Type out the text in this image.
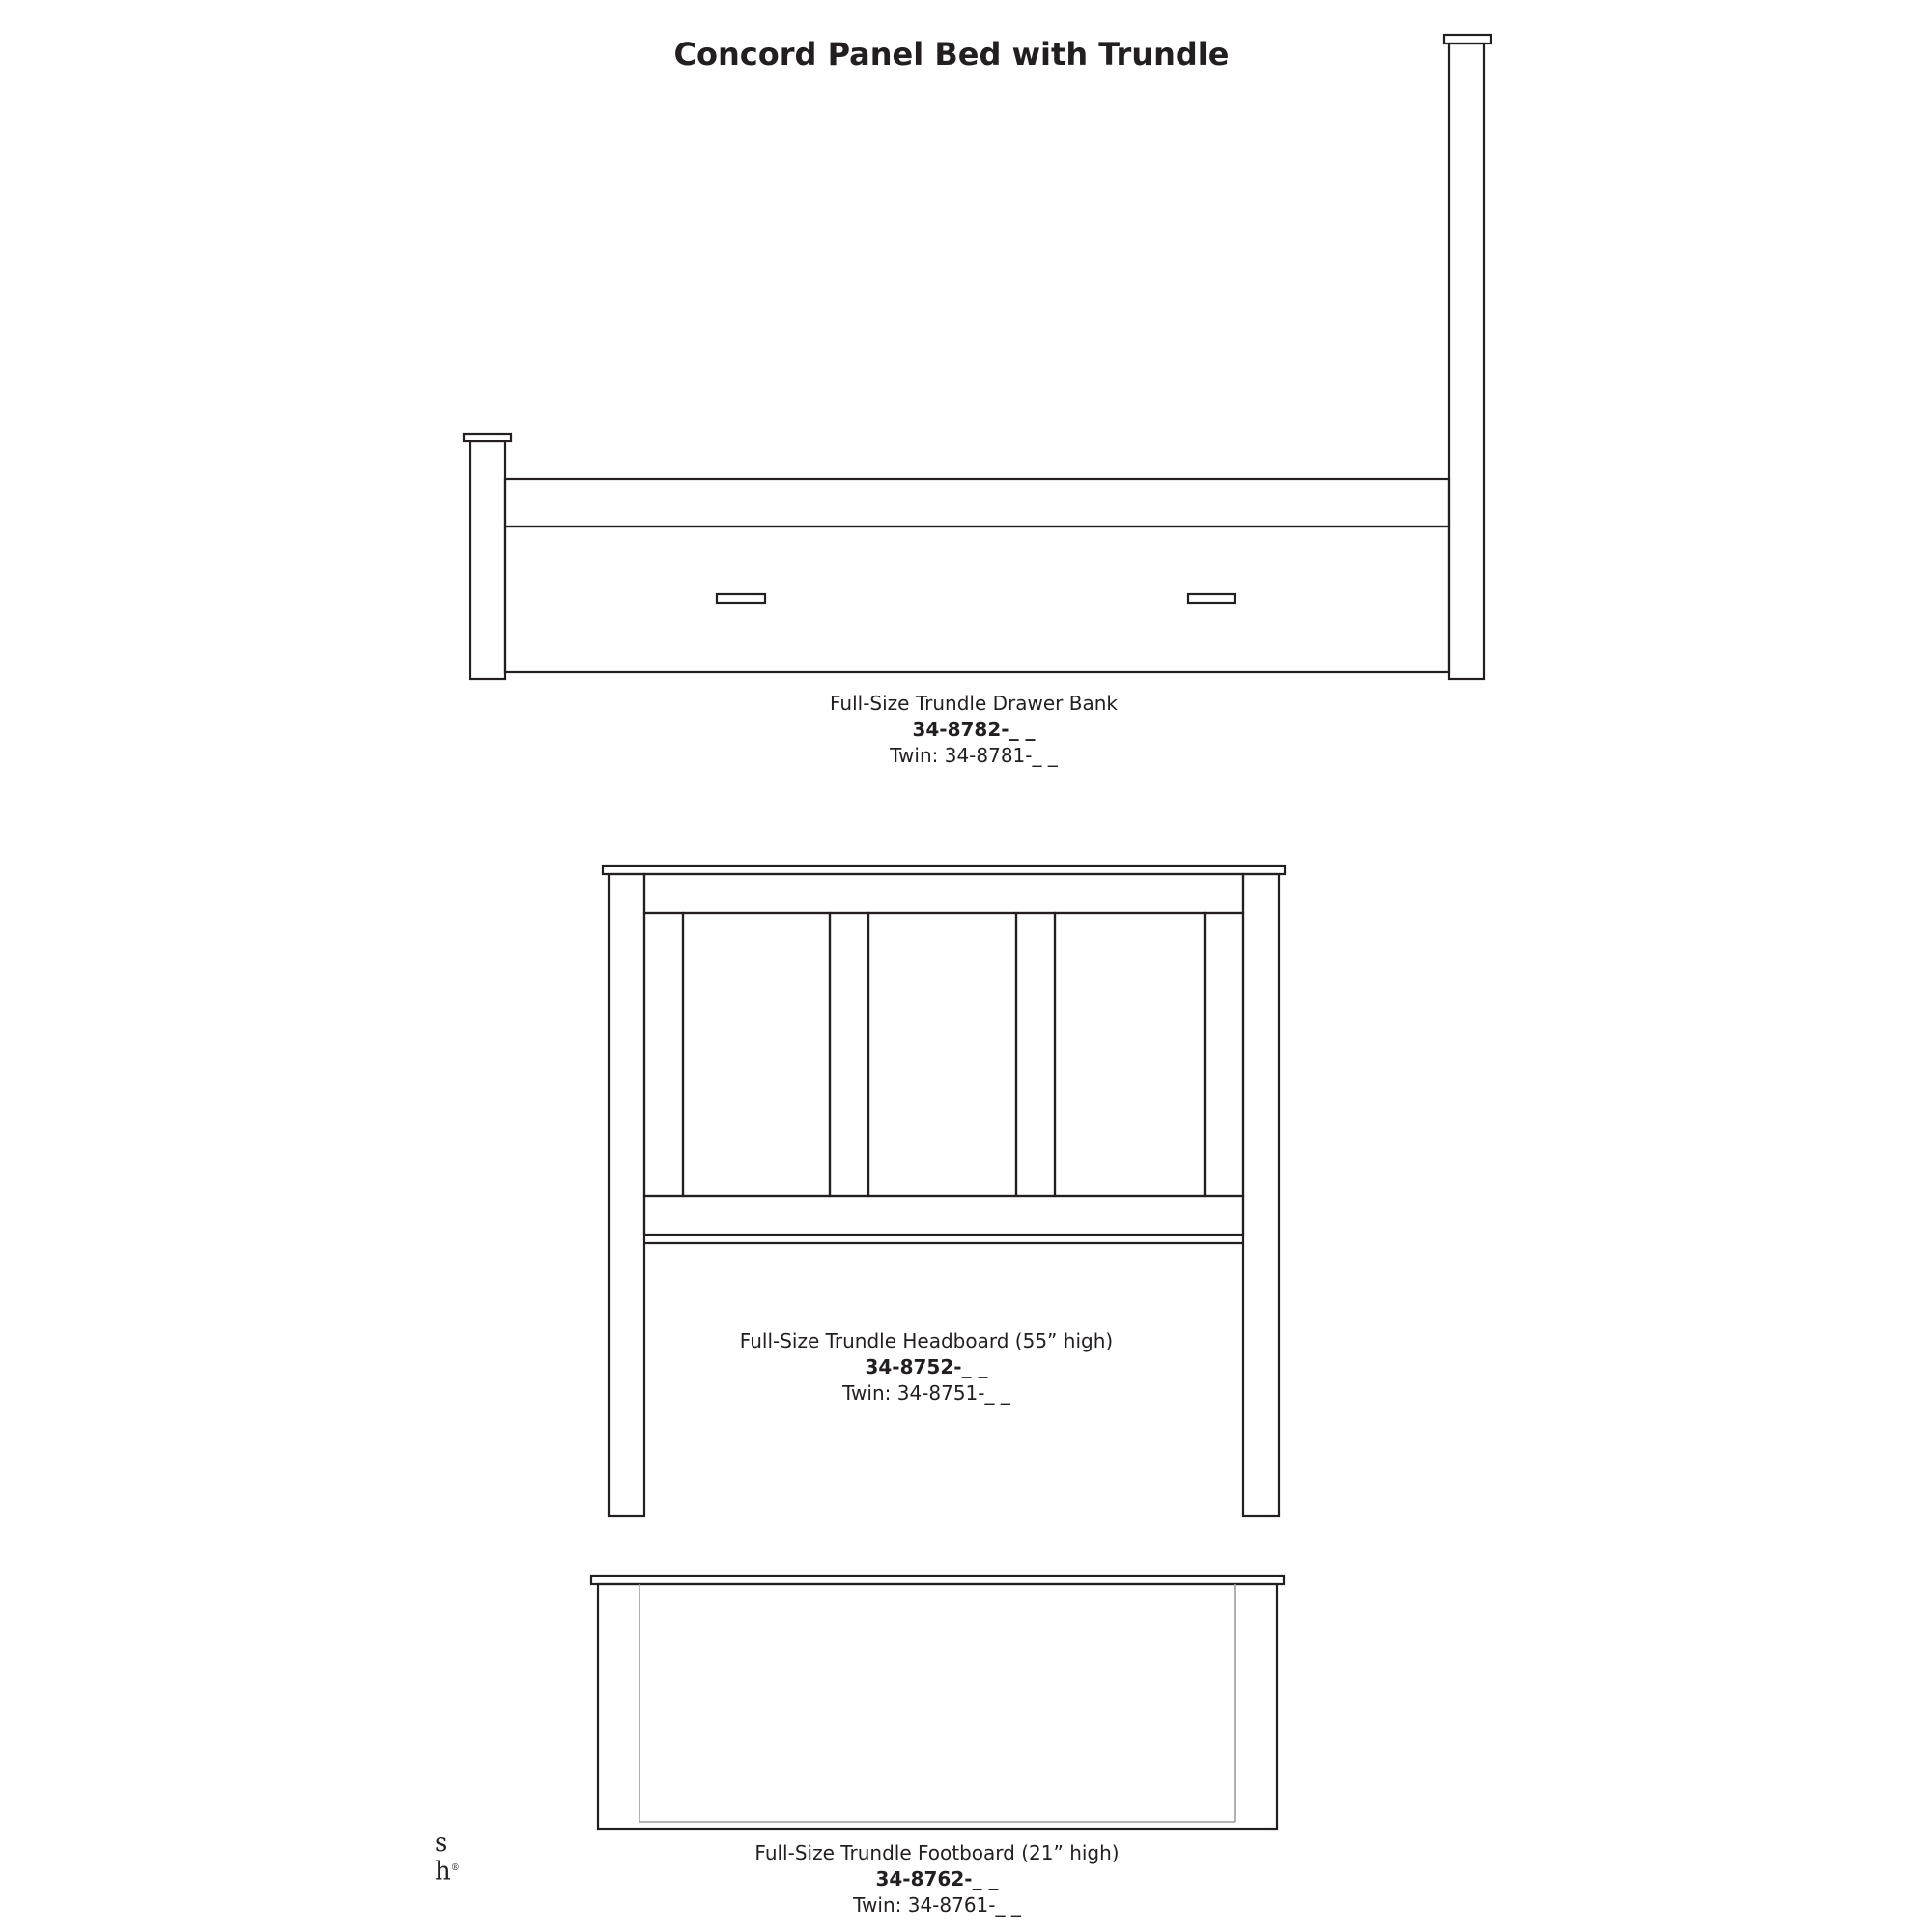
Concord Panel Bed with Trundle
Full-Size Trundle Drawer Bank
34-8782-_ _
Twin: 34-8781-_ _
Full-Size Trundle Headboard (55” high)
34-8752-_ _
Twin: 34-8751-_ _
Full-Size Trundle Footboard (21” high)
34-8762-_ _
Twin: 34-8761-_ _
s
h®
